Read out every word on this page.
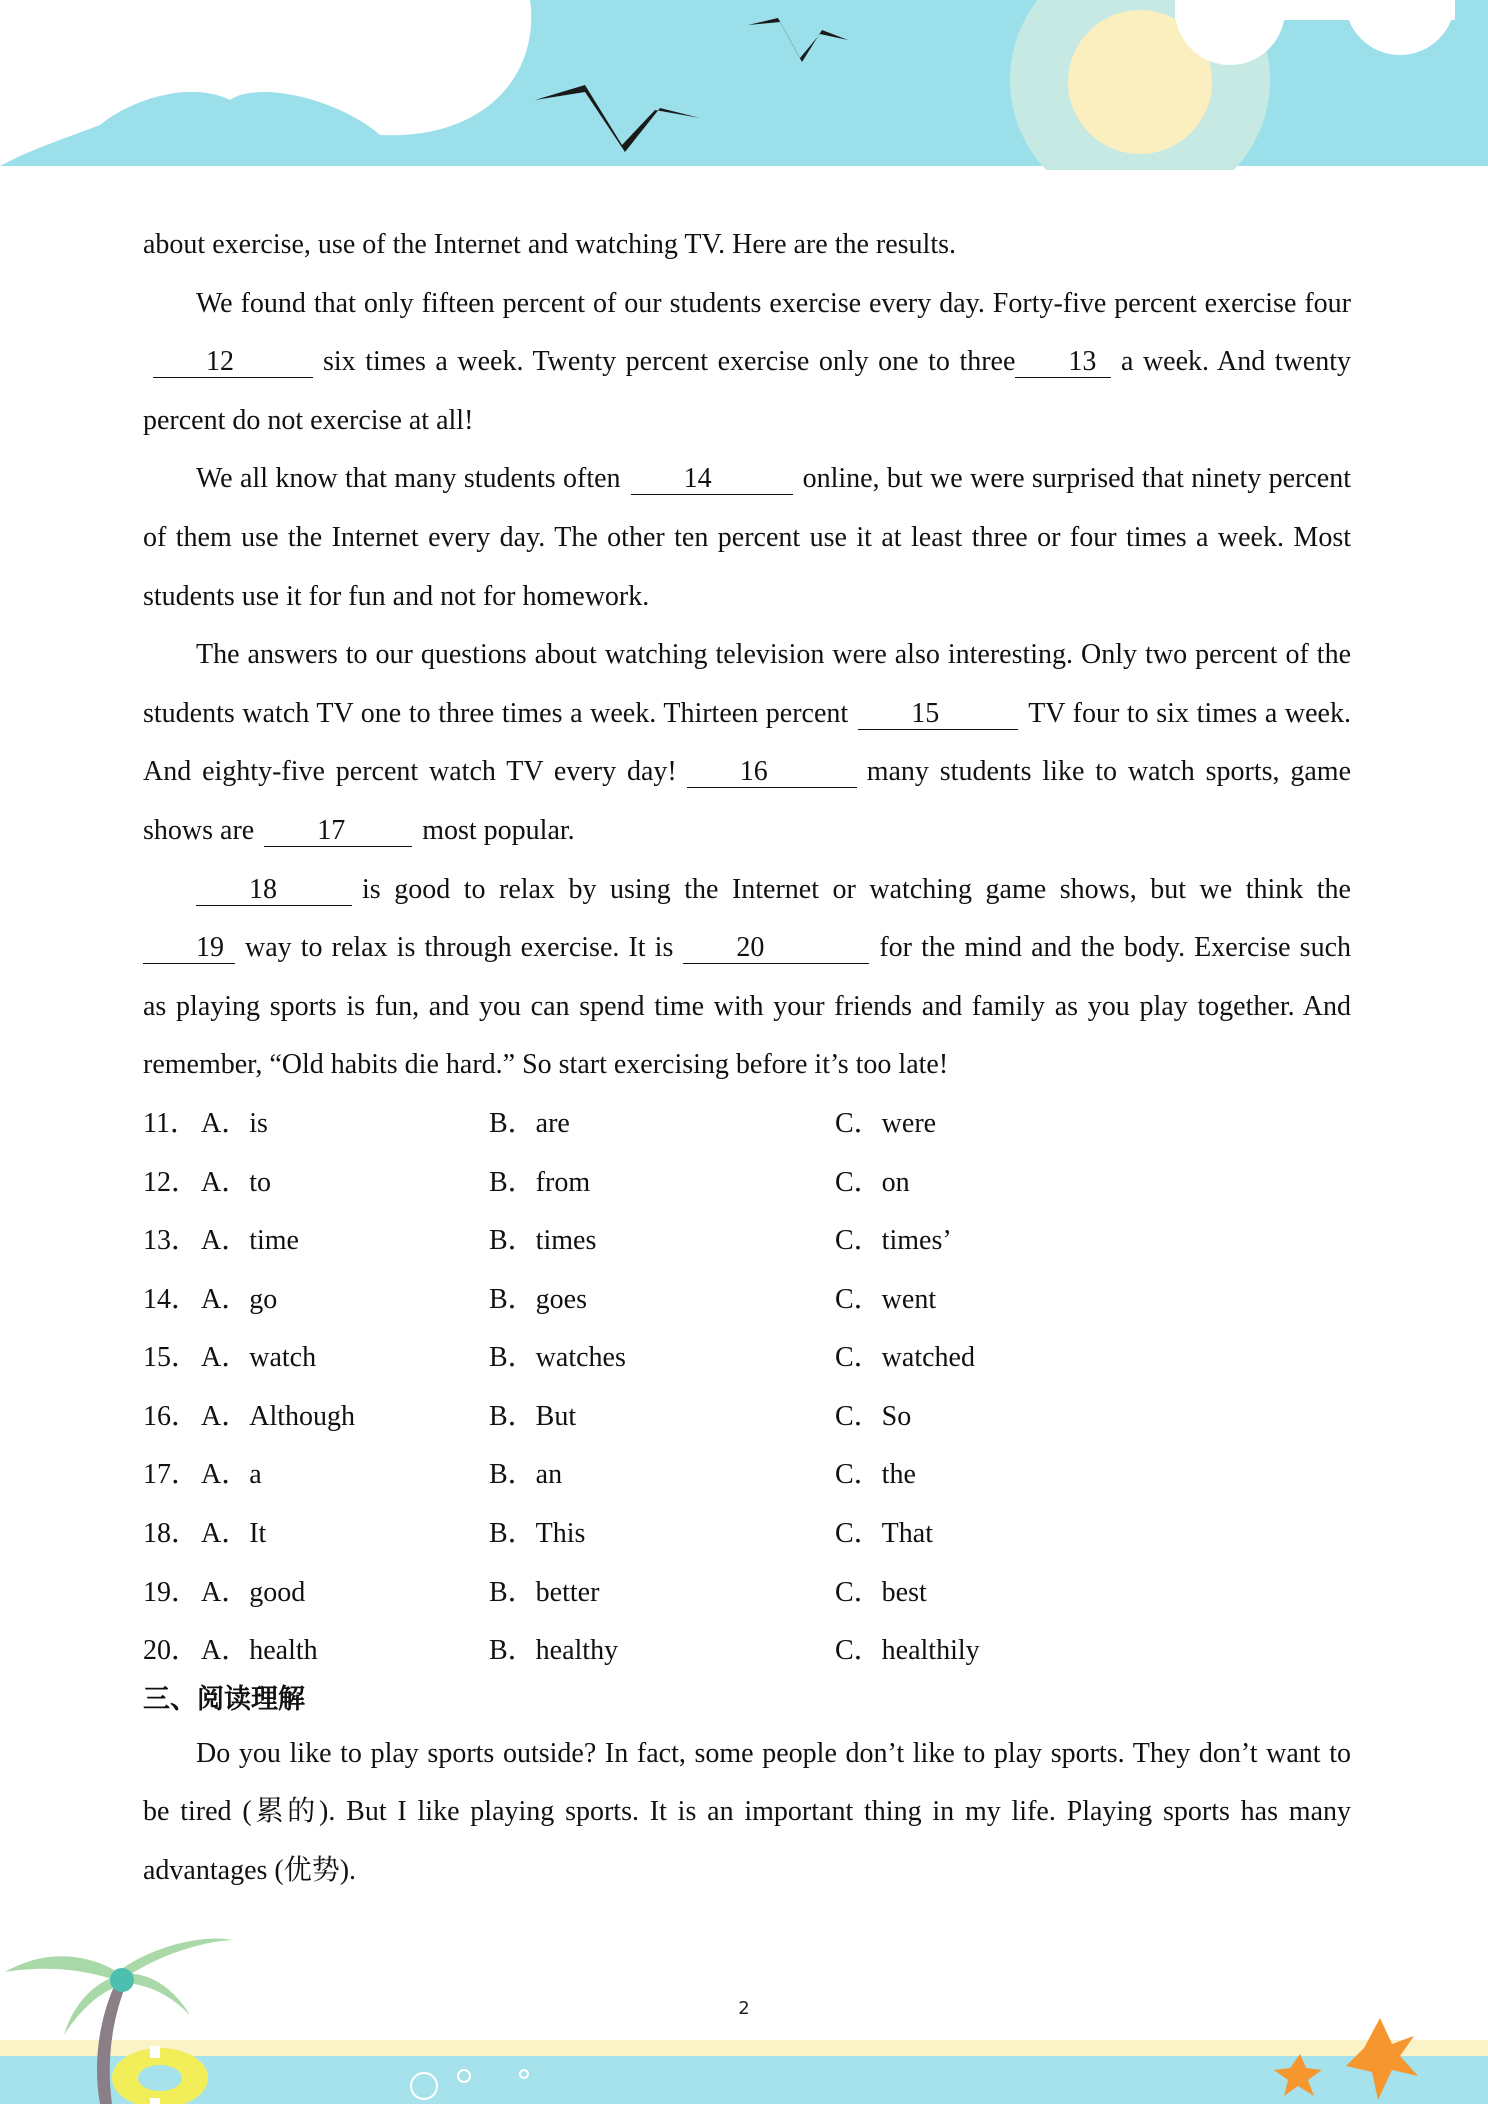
about exercise, use of the Internet and watching TV. Here are the results.

We found that only fifteen percent of our students exercise every day. Forty-five percent exercise four12	six times a week. Twenty percent exercise only one to three 13 a week. And twenty percent do not exercise at all!

We all know that many students often 14	online, but we were surprised that ninety percent of them use the Internet every day. The other ten percent use it at least three or four times a week. Most students use it for fun and not for homework.

The answers to our questions about watching television were also interesting. Only two percent of the students watch TV one to three times a week. Thirteen percent 15	TV four to six times a week. And eighty-five percent watch TV every day! 16	many students like to watch sports, game shows are 17	most popular.

18	is good to relax by using the Internet or watching game shows, but we think the19 way to relax is through exercise. It is 20	for the mind and the body. Exercise such as playing sports is fun, and you can spend time with your friends and family as you play together. And remember, “Old habits die hard.” So start exercising before it’s too late!

11． A．is	B．are	C．were
12．A．to	B．from	C．on
13．A．time	B．times	C．times’
14．A．go	B．goes	C．went
15．A．watch	B．watches	C．watched
16．A．Although	B．But	C．So
17．A．a	B．an	C．the
18．A．It	B．This	C．That
19．A．good	B．better	C．best
20．A．health	B．healthy	C．healthily
三、阅读理解

Do you like to play sports outside? In fact, some people don’t like to play sports. They don’t want to be tired (累的). But I like playing sports. It is an important thing in my life. Playing sports has many advantages (优势).

2
